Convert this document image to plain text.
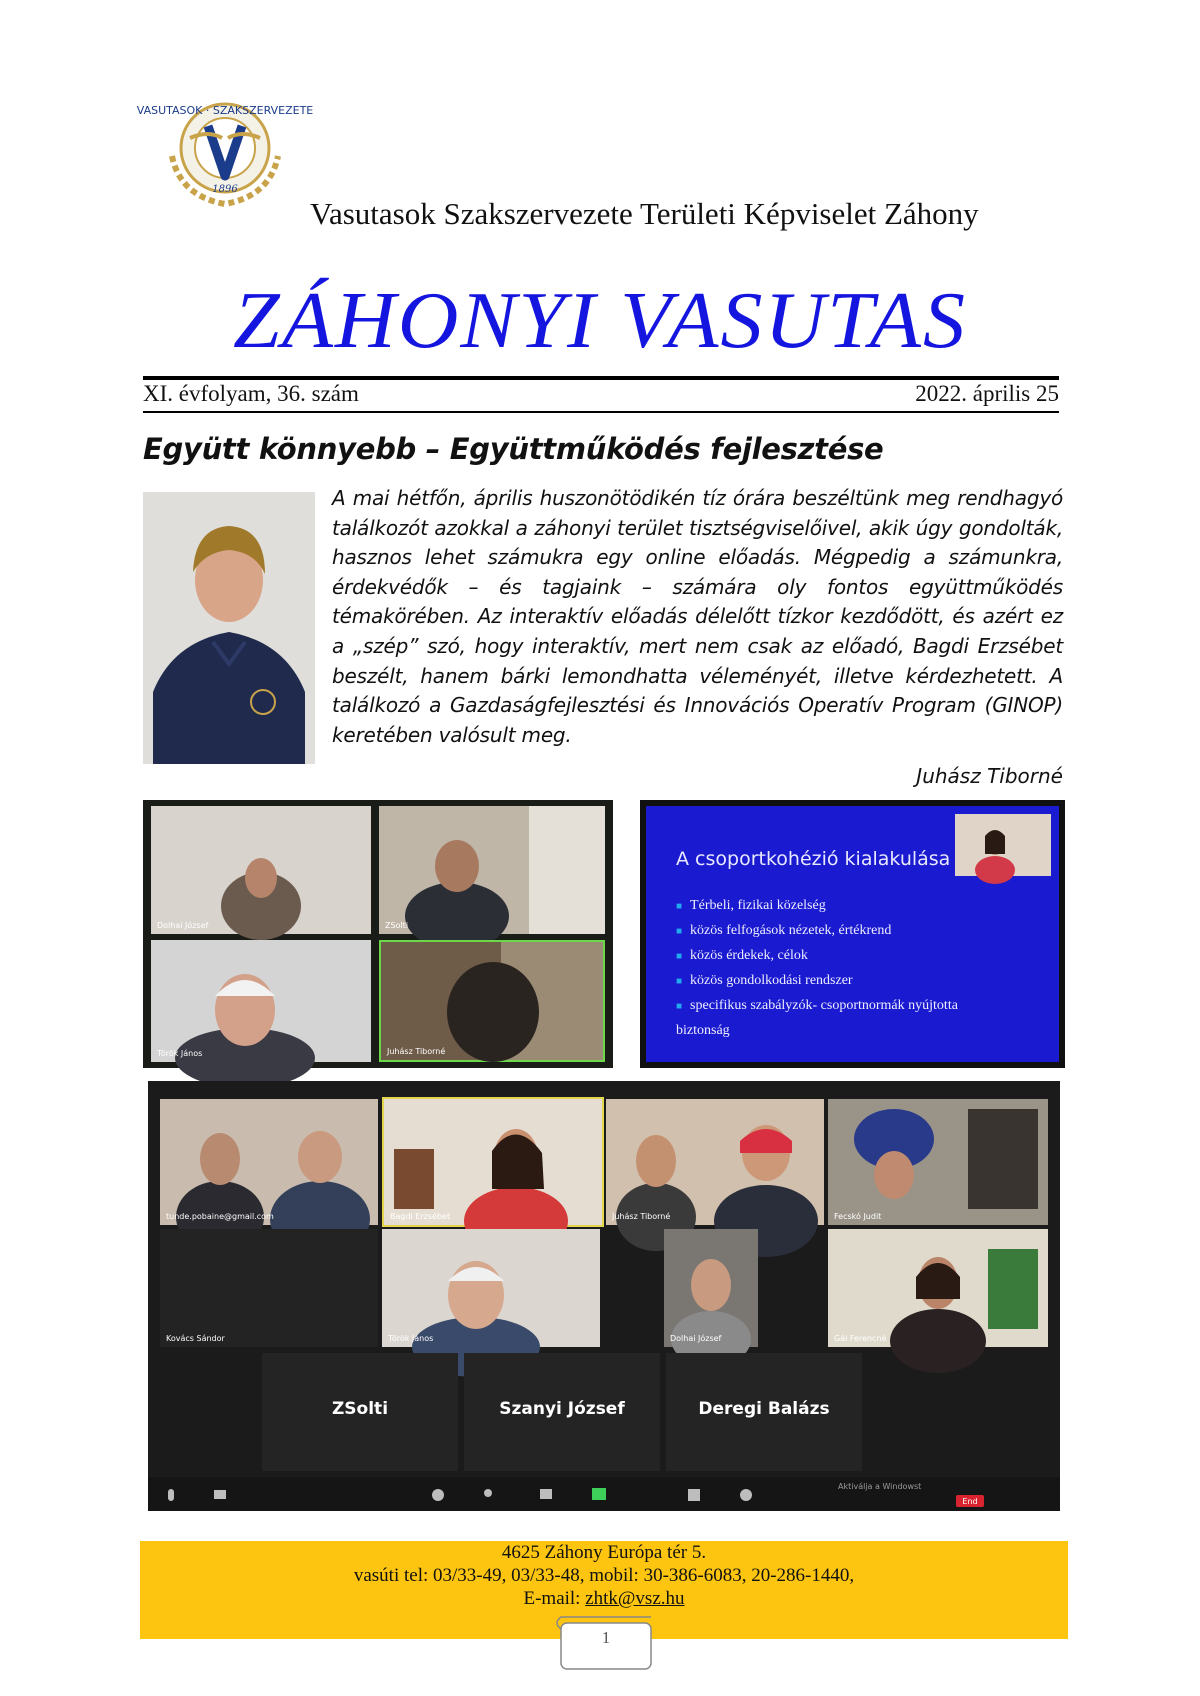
VASUTASOK · SZAKSZERVEZETE
1896
Vasutasok Szakszervezete Területi Képviselet Záhony
ZÁHONYI VASUTAS
XI. évfolyam, 36. szám	2022. április 25
Együtt könnyebb – Együttműködés fejlesztése
A mai hétfőn, április huszonötödikén tíz órára beszéltünk meg rendhagyó találkozót azokkal a záhonyi terület tisztségviselőivel, akik úgy gondolták, hasznos lehet számukra egy online előadás. Mégpedig a számunkra, érdekvédők – és tagjaink – számára oly fontos együttműködés témakörében. Az interaktív előadás délelőtt tízkor kezdődött, és azért ez a „szép” szó, hogy interaktív, mert nem csak az előadó, Bagdi Erzsébet beszélt, hanem bárki lemondhatta véleményét, illetve kérdezhetett. A találkozó a Gazdaságfejlesztési és Innovációs Operatív Program (GINOP) keretében valósult meg.
Juhász Tiborné
Dolhai József	ZSolti
Török János	Juhász Tiborné
A csoportkohézió kialakulása
■ Térbeli, fizikai közelség
■ közös felfogások nézetek, értékrend
■ közös érdekek, célok
■ közös gondolkodási rendszer
■ specifikus szabályzók- csoportnormák nyújtotta biztonság
tunde.pobaine@gmail.com	Bagdi Erzsébet	Juhász Tiborné	Fecskó Judit
Kovács Sándor	Török János	Dolhai József	Gál Ferencné
ZSolti	Szanyi József	Deregi Balázs
Aktiválja a Windowst
End
4625 Záhony Európa tér 5.
vasúti tel: 03/33-49, 03/33-48, mobil: 30-386-6083, 20-286-1440,
E-mail: zhtk@vsz.hu
1
